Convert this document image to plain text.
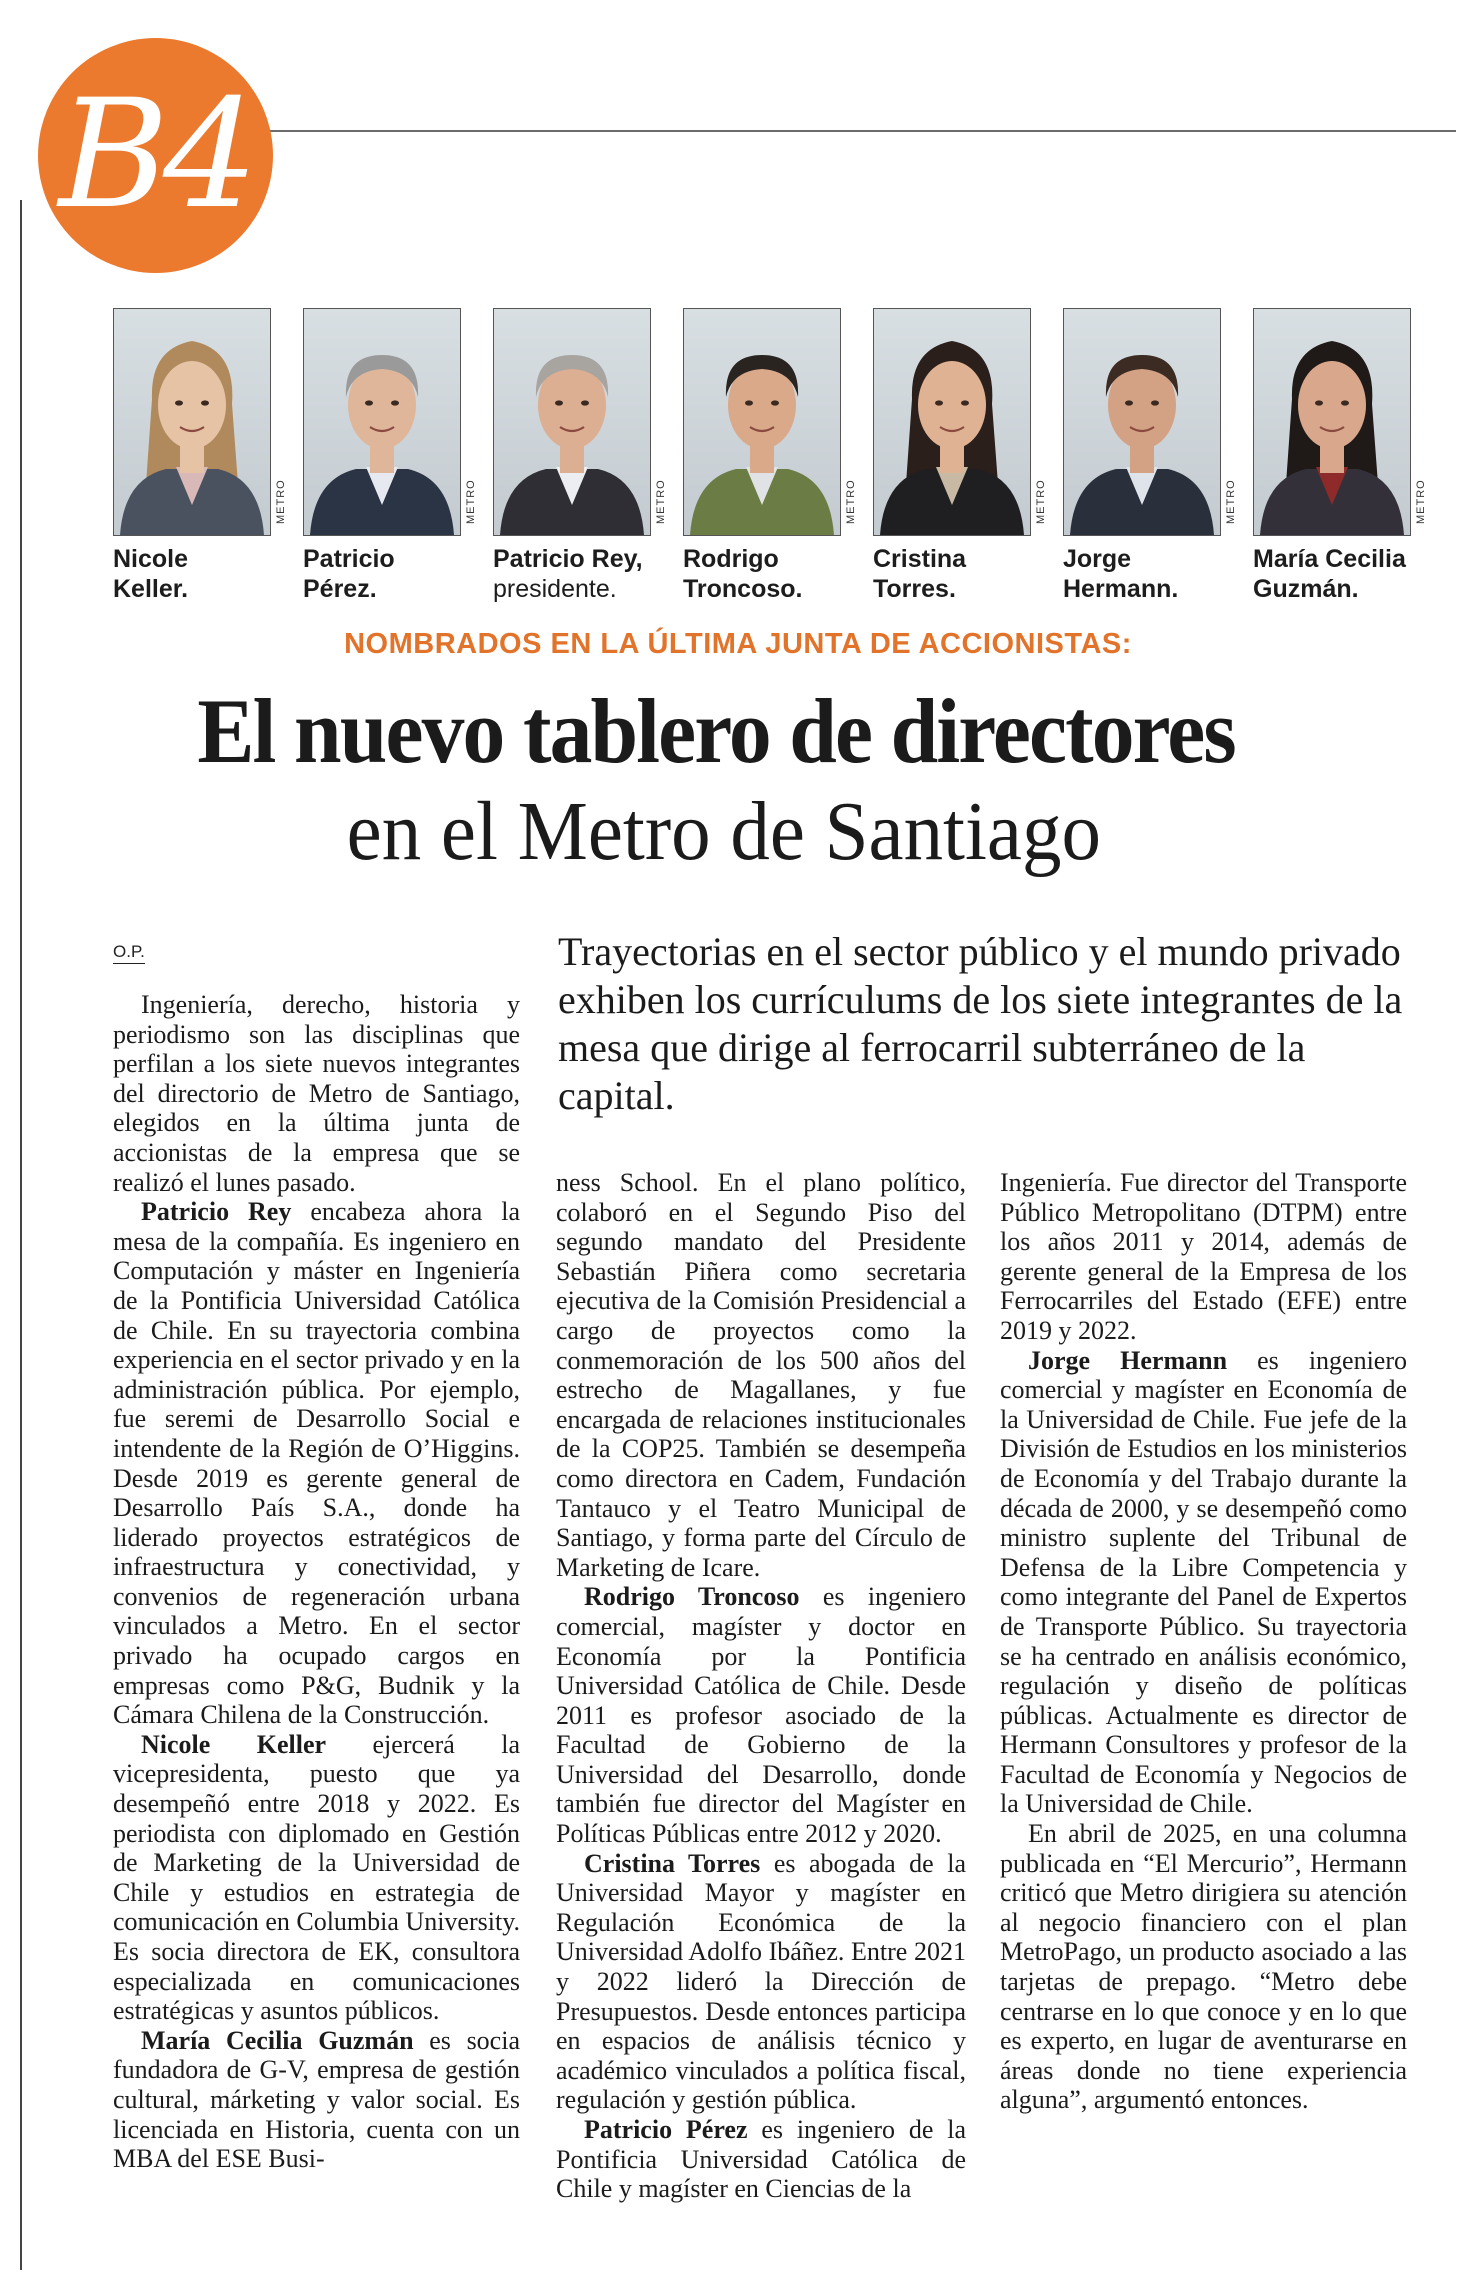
B4
METRO
Nicole
Keller.
METRO
Patricio
Pérez.
METRO
Patricio Rey,
presidente.
METRO
Rodrigo
Troncoso.
METRO
Cristina
Torres.
METRO
Jorge
Hermann.
METRO
María Cecilia
Guzmán.
NOMBRADOS EN LA ÚLTIMA JUNTA DE ACCIONISTAS:
El nuevo tablero de directores
en el Metro de Santiago
O.P.	Trayectorias en el sector público y el mundo privado exhiben los currículums de los siete integrantes de la mesa que dirige al ferrocarril subterráneo de la capital.

Ingeniería, derecho, historia y periodismo son las disciplinas que perfilan a los siete nuevos integrantes del directorio de Metro de Santiago, elegidos en la última junta de accionistas de la empresa que se realizó el lunes pasado.

Patricio Rey encabeza ahora la mesa de la compañía. Es ingeniero en Computación y máster en Ingeniería de la Pontificia Universidad Católica de Chile. En su trayectoria combina experiencia en el sector privado y en la administración pública. Por ejemplo, fue seremi de Desarrollo Social e intendente de la Región de O’Higgins. Desde 2019 es gerente general de Desarrollo País S.A., donde ha liderado proyectos estratégicos de infraestructura y conectividad, y convenios de regeneración urbana vinculados a Metro. En el sector privado ha ocupado cargos en empresas como P&G, Budnik y la Cámara Chilena de la Construcción.

Nicole Keller ejercerá la vicepresidenta, puesto que ya desempeñó entre 2018 y 2022. Es periodista con diplomado en Gestión de Marketing de la Universidad de Chile y estudios en estrategia de comunicación en Columbia University. Es socia directora de EK, consultora especializada en comunicaciones estratégicas y asuntos públicos.

María Cecilia Guzmán es socia fundadora de G-V, empresa de gestión cultural, márketing y valor social. Es licenciada en Historia, cuenta con un MBA del ESE Busi-

ness School. En el plano político, colaboró en el Segundo Piso del segundo mandato del Presidente Sebastián Piñera como secretaria ejecutiva de la Comisión Presidencial a cargo de proyectos como la conmemoración de los 500 años del estrecho de Magallanes, y fue encargada de relaciones institucionales de la COP25. También se desempeña como directora en Cadem, Fundación Tantauco y el Teatro Municipal de Santiago, y forma parte del Círculo de Marketing de Icare.

Rodrigo Troncoso es ingeniero comercial, magíster y doctor en Economía por la Pontificia Universidad Católica de Chile. Desde 2011 es profesor asociado de la Facultad de Gobierno de la Universidad del Desarrollo, donde también fue director del Magíster en Políticas Públicas entre 2012 y 2020.

Cristina Torres es abogada de la Universidad Mayor y magíster en Regulación Económica de la Universidad Adolfo Ibáñez. Entre 2021 y 2022 lideró la Dirección de Presupuestos. Desde entonces participa en espacios de análisis técnico y académico vinculados a política fiscal, regulación y gestión pública.

Patricio Pérez es ingeniero de la Pontificia Universidad Católica de Chile y magíster en Ciencias de la

Ingeniería. Fue director del Transporte Público Metropolitano (DTPM) entre los años 2011 y 2014, además de gerente general de la Empresa de los Ferrocarriles del Estado (EFE) entre 2019 y 2022.

Jorge Hermann es ingeniero comercial y magíster en Economía de la Universidad de Chile. Fue jefe de la División de Estudios en los ministerios de Economía y del Trabajo durante la década de 2000, y se desempeñó como ministro suplente del Tribunal de Defensa de la Libre Competencia y como integrante del Panel de Expertos de Transporte Público. Su trayectoria se ha centrado en análisis económico, regulación y diseño de políticas públicas. Actualmente es director de Hermann Consultores y profesor de la Facultad de Economía y Negocios de la Universidad de Chile.

En abril de 2025, en una columna publicada en “El Mercurio”, Hermann criticó que Metro dirigiera su atención al negocio financiero con el plan MetroPago, un producto asociado a las tarjetas de prepago. “Metro debe centrarse en lo que conoce y en lo que es experto, en lugar de aventurarse en áreas donde no tiene experiencia alguna”, argumentó entonces.
